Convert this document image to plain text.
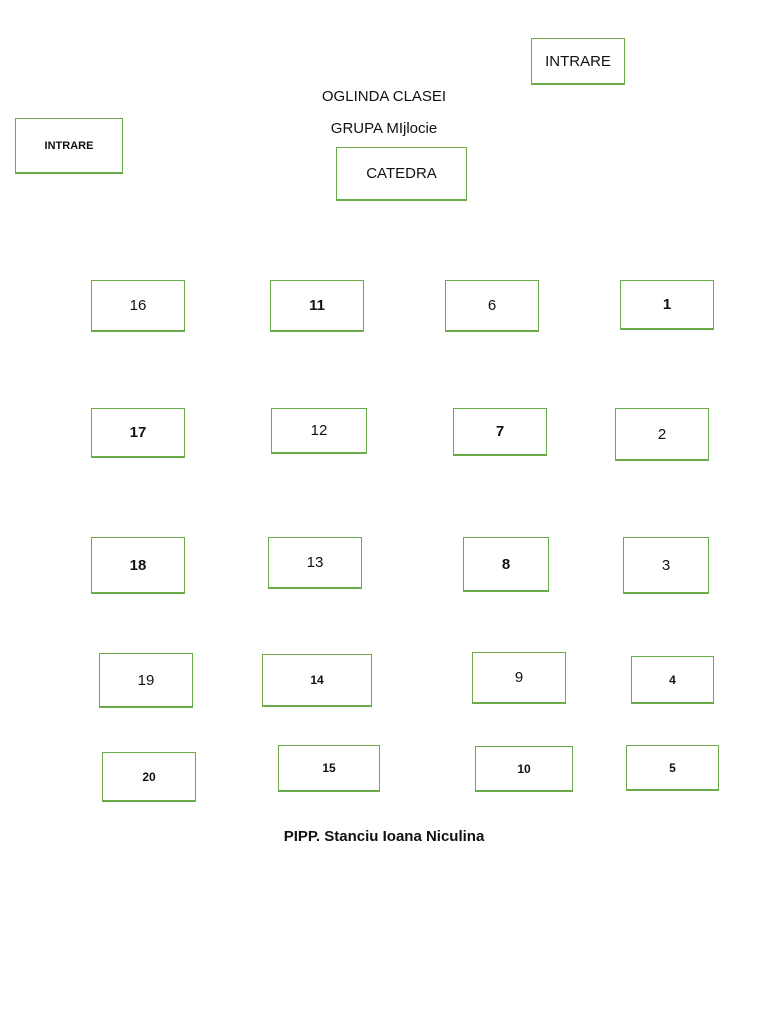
OGLINDA CLASEI
GRUPA MIjlocie
INTRARE
INTRARE
CATEDRA
1
2
3
4
5
6
7
8
9
10
11
12
13
14
15
16
17
18
19
20
PIPP. Stanciu Ioana Niculina
